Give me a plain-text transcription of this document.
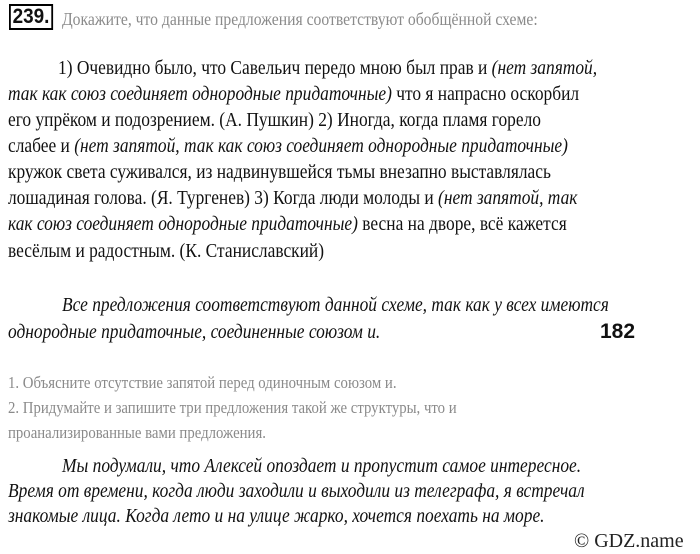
239. Докажите, что данные предложения соответствуют обобщённой схеме:
1) Очевидно было, что Савельич передо мною был прав и (нет запятой,
так как союз соединяет однородные придаточные) что я напрасно оскорбил
его упрёком и подозрением. (А. Пушкин) 2) Иногда, когда пламя горело
слабее и (нет запятой, так как союз соединяет однородные придаточные)
кружок света суживался, из надвинувшейся тьмы внезапно выставлялась
лошадиная голова. (Я. Тургенев) 3) Когда люди молоды и (нет запятой, так
как союз соединяет однородные придаточные) весна на дворе, всё кажется
весёлым и радостным. (К. Станиславский)
Все предложения соответствуют данной схеме, так как у всех имеются
однородные придаточные, соединенные союзом и.	182
1. Объясните отсутствие запятой перед одиночным союзом и.
2. Придумайте и запишите три предложения такой же структуры, что и
проанализированные вами предложения.
Мы подумали, что Алексей опоздает и пропустит самое интересное.
Время от времени, когда люди заходили и выходили из телеграфа, я встречал
знакомые лица. Когда лето и на улице жарко, хочется поехать на море.
© GDZ.name
